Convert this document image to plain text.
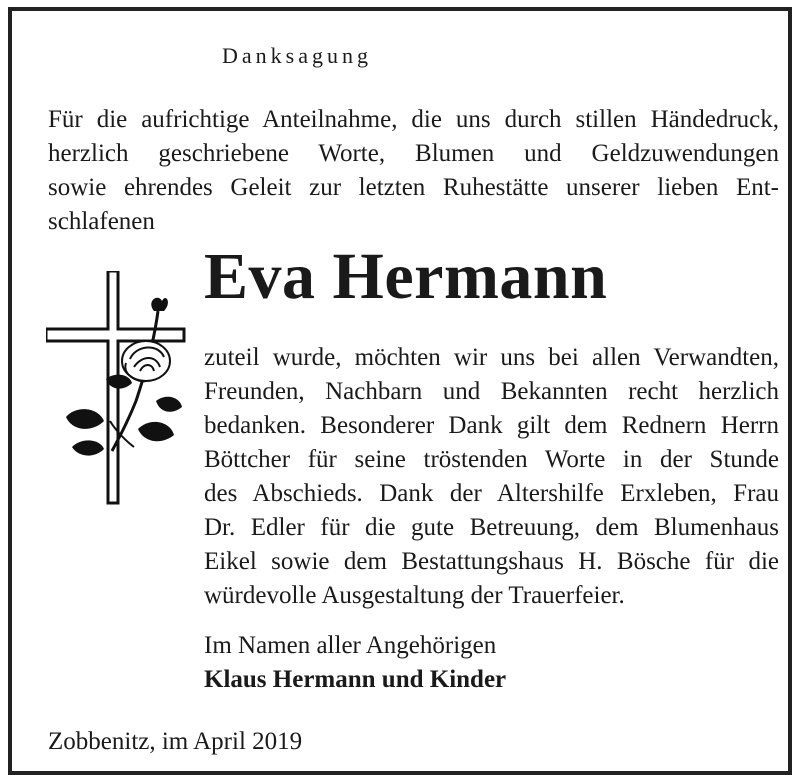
Danksagung
Für die aufrichtige Anteilnahme, die uns durch stillen Händedruck,
herzlich geschriebene Worte, Blumen und Geldzuwendungen
sowie ehrendes Geleit zur letzten Ruhestätte unserer lieben Ent-
schlafenen
Eva Hermann
zuteil wurde, möchten wir uns bei allen Verwandten,
Freunden, Nachbarn und Bekannten recht herzlich
bedanken. Besonderer Dank gilt dem Rednern Herrn
Böttcher für seine tröstenden Worte in der Stunde
des Abschieds. Dank der Altershilfe Erxleben, Frau
Dr. Edler für die gute Betreuung, dem Blumenhaus
Eikel sowie dem Bestattungshaus H. Bösche für die
würdevolle Ausgestaltung der Trauerfeier.
Im Namen aller Angehörigen
Klaus Hermann und Kinder
Zobbenitz, im April 2019
